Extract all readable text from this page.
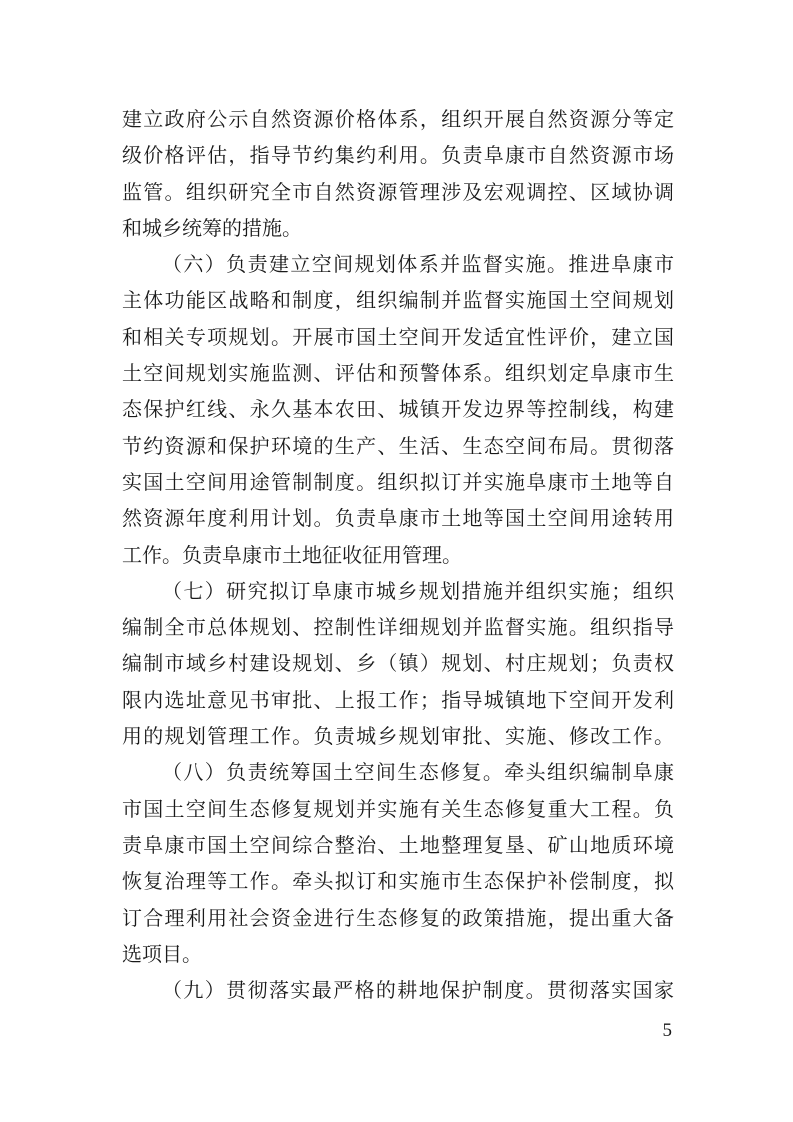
建立政府公示自然资源价格体系，组织开展自然资源分等定

级价格评估，指导节约集约利用。负责阜康市自然资源市场

监管。组织研究全市自然资源管理涉及宏观调控、区域协调

和城乡统筹的措施。

（六）负责建立空间规划体系并监督实施。推进阜康市

主体功能区战略和制度，组织编制并监督实施国土空间规划

和相关专项规划。开展市国土空间开发适宜性评价，建立国

土空间规划实施监测、评估和预警体系。组织划定阜康市生

态保护红线、永久基本农田、城镇开发边界等控制线，构建

节约资源和保护环境的生产、生活、生态空间布局。贯彻落

实国土空间用途管制制度。组织拟订并实施阜康市土地等自

然资源年度利用计划。负责阜康市土地等国土空间用途转用

工作。负责阜康市土地征收征用管理。

（七）研究拟订阜康市城乡规划措施并组织实施；组织

编制全市总体规划、控制性详细规划并监督实施。组织指导

编制市域乡村建设规划、乡（镇）规划、村庄规划；负责权

限内选址意见书审批、上报工作；指导城镇地下空间开发利

用的规划管理工作。负责城乡规划审批、实施、修改工作。

（八）负责统筹国土空间生态修复。牵头组织编制阜康

市国土空间生态修复规划并实施有关生态修复重大工程。负

责阜康市国土空间综合整治、土地整理复垦、矿山地质环境

恢复治理等工作。牵头拟订和实施市生态保护补偿制度，拟

订合理利用社会资金进行生态修复的政策措施，提出重大备

选项目。

（九）贯彻落实最严格的耕地保护制度。贯彻落实国家

5
